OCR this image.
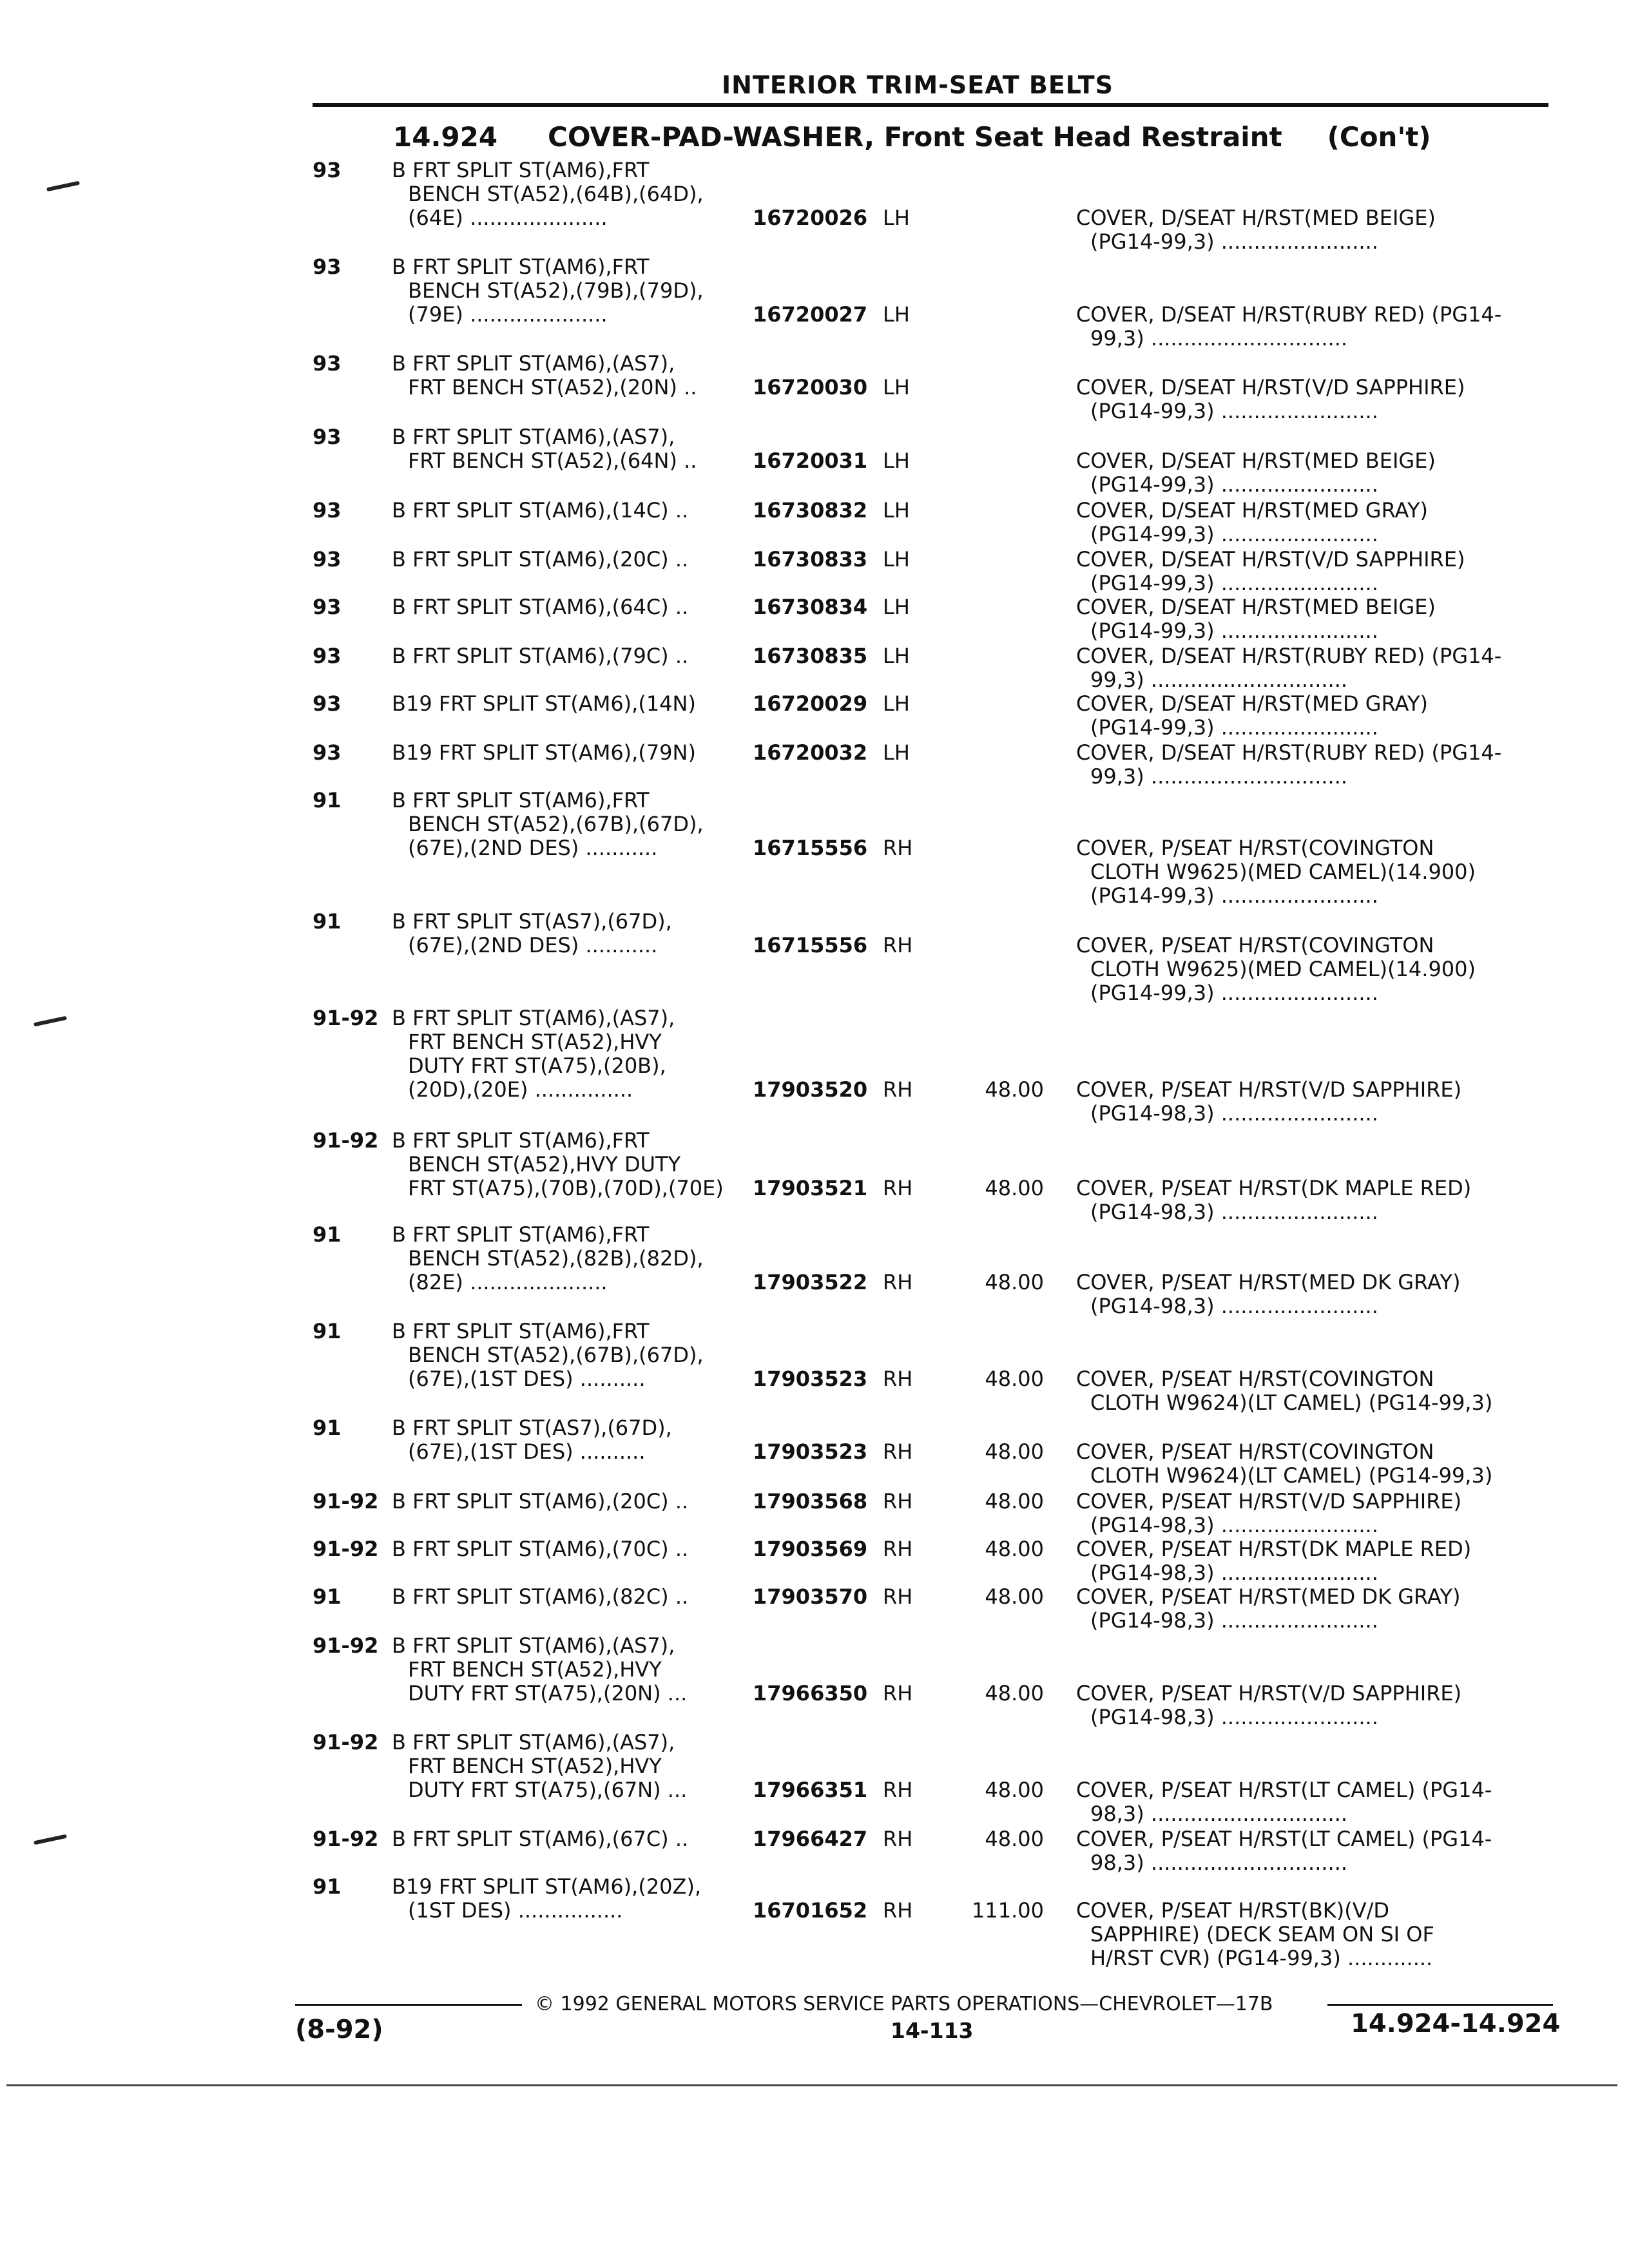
INTERIOR TRIM-SEAT BELTS
14.924 COVER-PAD-WASHER, Front Seat Head Restraint (Con't)
93 B FRT SPLIT ST(AM6),FRT
BENCH ST(A52),(64B),(64D),
(64E) .....................	16720026 LH	COVER, D/SEAT H/RST(MED BEIGE)
(PG14-99,3) ........................
93 B FRT SPLIT ST(AM6),FRT
BENCH ST(A52),(79B),(79D),
(79E) .....................	16720027 LH	COVER, D/SEAT H/RST(RUBY RED) (PG14-
99,3) ..............................
93 B FRT SPLIT ST(AM6),(AS7),
FRT BENCH ST(A52),(20N) ..	16720030 LH	COVER, D/SEAT H/RST(V/D SAPPHIRE)
(PG14-99,3) ........................
93 B FRT SPLIT ST(AM6),(AS7),
FRT BENCH ST(A52),(64N) ..	16720031 LH	COVER, D/SEAT H/RST(MED BEIGE)
(PG14-99,3) ........................
93 B FRT SPLIT ST(AM6),(14C) ..	16730832 LH	COVER, D/SEAT H/RST(MED GRAY)
(PG14-99,3) ........................
93 B FRT SPLIT ST(AM6),(20C) ..	16730833 LH	COVER, D/SEAT H/RST(V/D SAPPHIRE)
(PG14-99,3) ........................
93 B FRT SPLIT ST(AM6),(64C) ..	16730834 LH	COVER, D/SEAT H/RST(MED BEIGE)
(PG14-99,3) ........................
93 B FRT SPLIT ST(AM6),(79C) ..	16730835 LH	COVER, D/SEAT H/RST(RUBY RED) (PG14-
99,3) ..............................
93 B19 FRT SPLIT ST(AM6),(14N)	16720029 LH	COVER, D/SEAT H/RST(MED GRAY)
(PG14-99,3) ........................
93 B19 FRT SPLIT ST(AM6),(79N)	16720032 LH	COVER, D/SEAT H/RST(RUBY RED) (PG14-
99,3) ..............................
91 B FRT SPLIT ST(AM6),FRT
BENCH ST(A52),(67B),(67D),
(67E),(2ND DES) ...........	16715556 RH	COVER, P/SEAT H/RST(COVINGTON
CLOTH W9625)(MED CAMEL)(14.900)
(PG14-99,3) ........................
91 B FRT SPLIT ST(AS7),(67D),
(67E),(2ND DES) ...........	16715556 RH	COVER, P/SEAT H/RST(COVINGTON
CLOTH W9625)(MED CAMEL)(14.900)
(PG14-99,3) ........................
91-92 B FRT SPLIT ST(AM6),(AS7),
FRT BENCH ST(A52),HVY
DUTY FRT ST(A75),(20B),
(20D),(20E) ...............	17903520 RH	48.00 COVER, P/SEAT H/RST(V/D SAPPHIRE)
(PG14-98,3) ........................
91-92 B FRT SPLIT ST(AM6),FRT
BENCH ST(A52),HVY DUTY
FRT ST(A75),(70B),(70D),(70E)	17903521 RH	48.00 COVER, P/SEAT H/RST(DK MAPLE RED)
(PG14-98,3) ........................
91 B FRT SPLIT ST(AM6),FRT
BENCH ST(A52),(82B),(82D),
(82E) .....................	17903522 RH	48.00 COVER, P/SEAT H/RST(MED DK GRAY)
(PG14-98,3) ........................
91 B FRT SPLIT ST(AM6),FRT
BENCH ST(A52),(67B),(67D),
(67E),(1ST DES) ..........	17903523 RH	48.00 COVER, P/SEAT H/RST(COVINGTON
CLOTH W9624)(LT CAMEL) (PG14-99,3)
91 B FRT SPLIT ST(AS7),(67D),
(67E),(1ST DES) ..........	17903523 RH	48.00 COVER, P/SEAT H/RST(COVINGTON
CLOTH W9624)(LT CAMEL) (PG14-99,3)
91-92 B FRT SPLIT ST(AM6),(20C) ..	17903568 RH	48.00 COVER, P/SEAT H/RST(V/D SAPPHIRE)
(PG14-98,3) ........................
91-92 B FRT SPLIT ST(AM6),(70C) ..	17903569 RH	48.00 COVER, P/SEAT H/RST(DK MAPLE RED)
(PG14-98,3) ........................
91 B FRT SPLIT ST(AM6),(82C) ..	17903570 RH	48.00 COVER, P/SEAT H/RST(MED DK GRAY)
(PG14-98,3) ........................
91-92 B FRT SPLIT ST(AM6),(AS7),
FRT BENCH ST(A52),HVY
DUTY FRT ST(A75),(20N) ...	17966350 RH	48.00 COVER, P/SEAT H/RST(V/D SAPPHIRE)
(PG14-98,3) ........................
91-92 B FRT SPLIT ST(AM6),(AS7),
FRT BENCH ST(A52),HVY
DUTY FRT ST(A75),(67N) ...	17966351 RH	48.00 COVER, P/SEAT H/RST(LT CAMEL) (PG14-
98,3) ..............................
91-92 B FRT SPLIT ST(AM6),(67C) ..	17966427 RH	48.00 COVER, P/SEAT H/RST(LT CAMEL) (PG14-
98,3) ..............................
91 B19 FRT SPLIT ST(AM6),(20Z),
(1ST DES) ................	16701652 RH	111.00 COVER, P/SEAT H/RST(BK)(V/D
SAPPHIRE) (DECK SEAM ON SI OF
H/RST CVR) (PG14-99,3) .............
© 1992 GENERAL MOTORS SERVICE PARTS OPERATIONS—CHEVROLET—17B
(8-92)	14-113	14.924-14.924
